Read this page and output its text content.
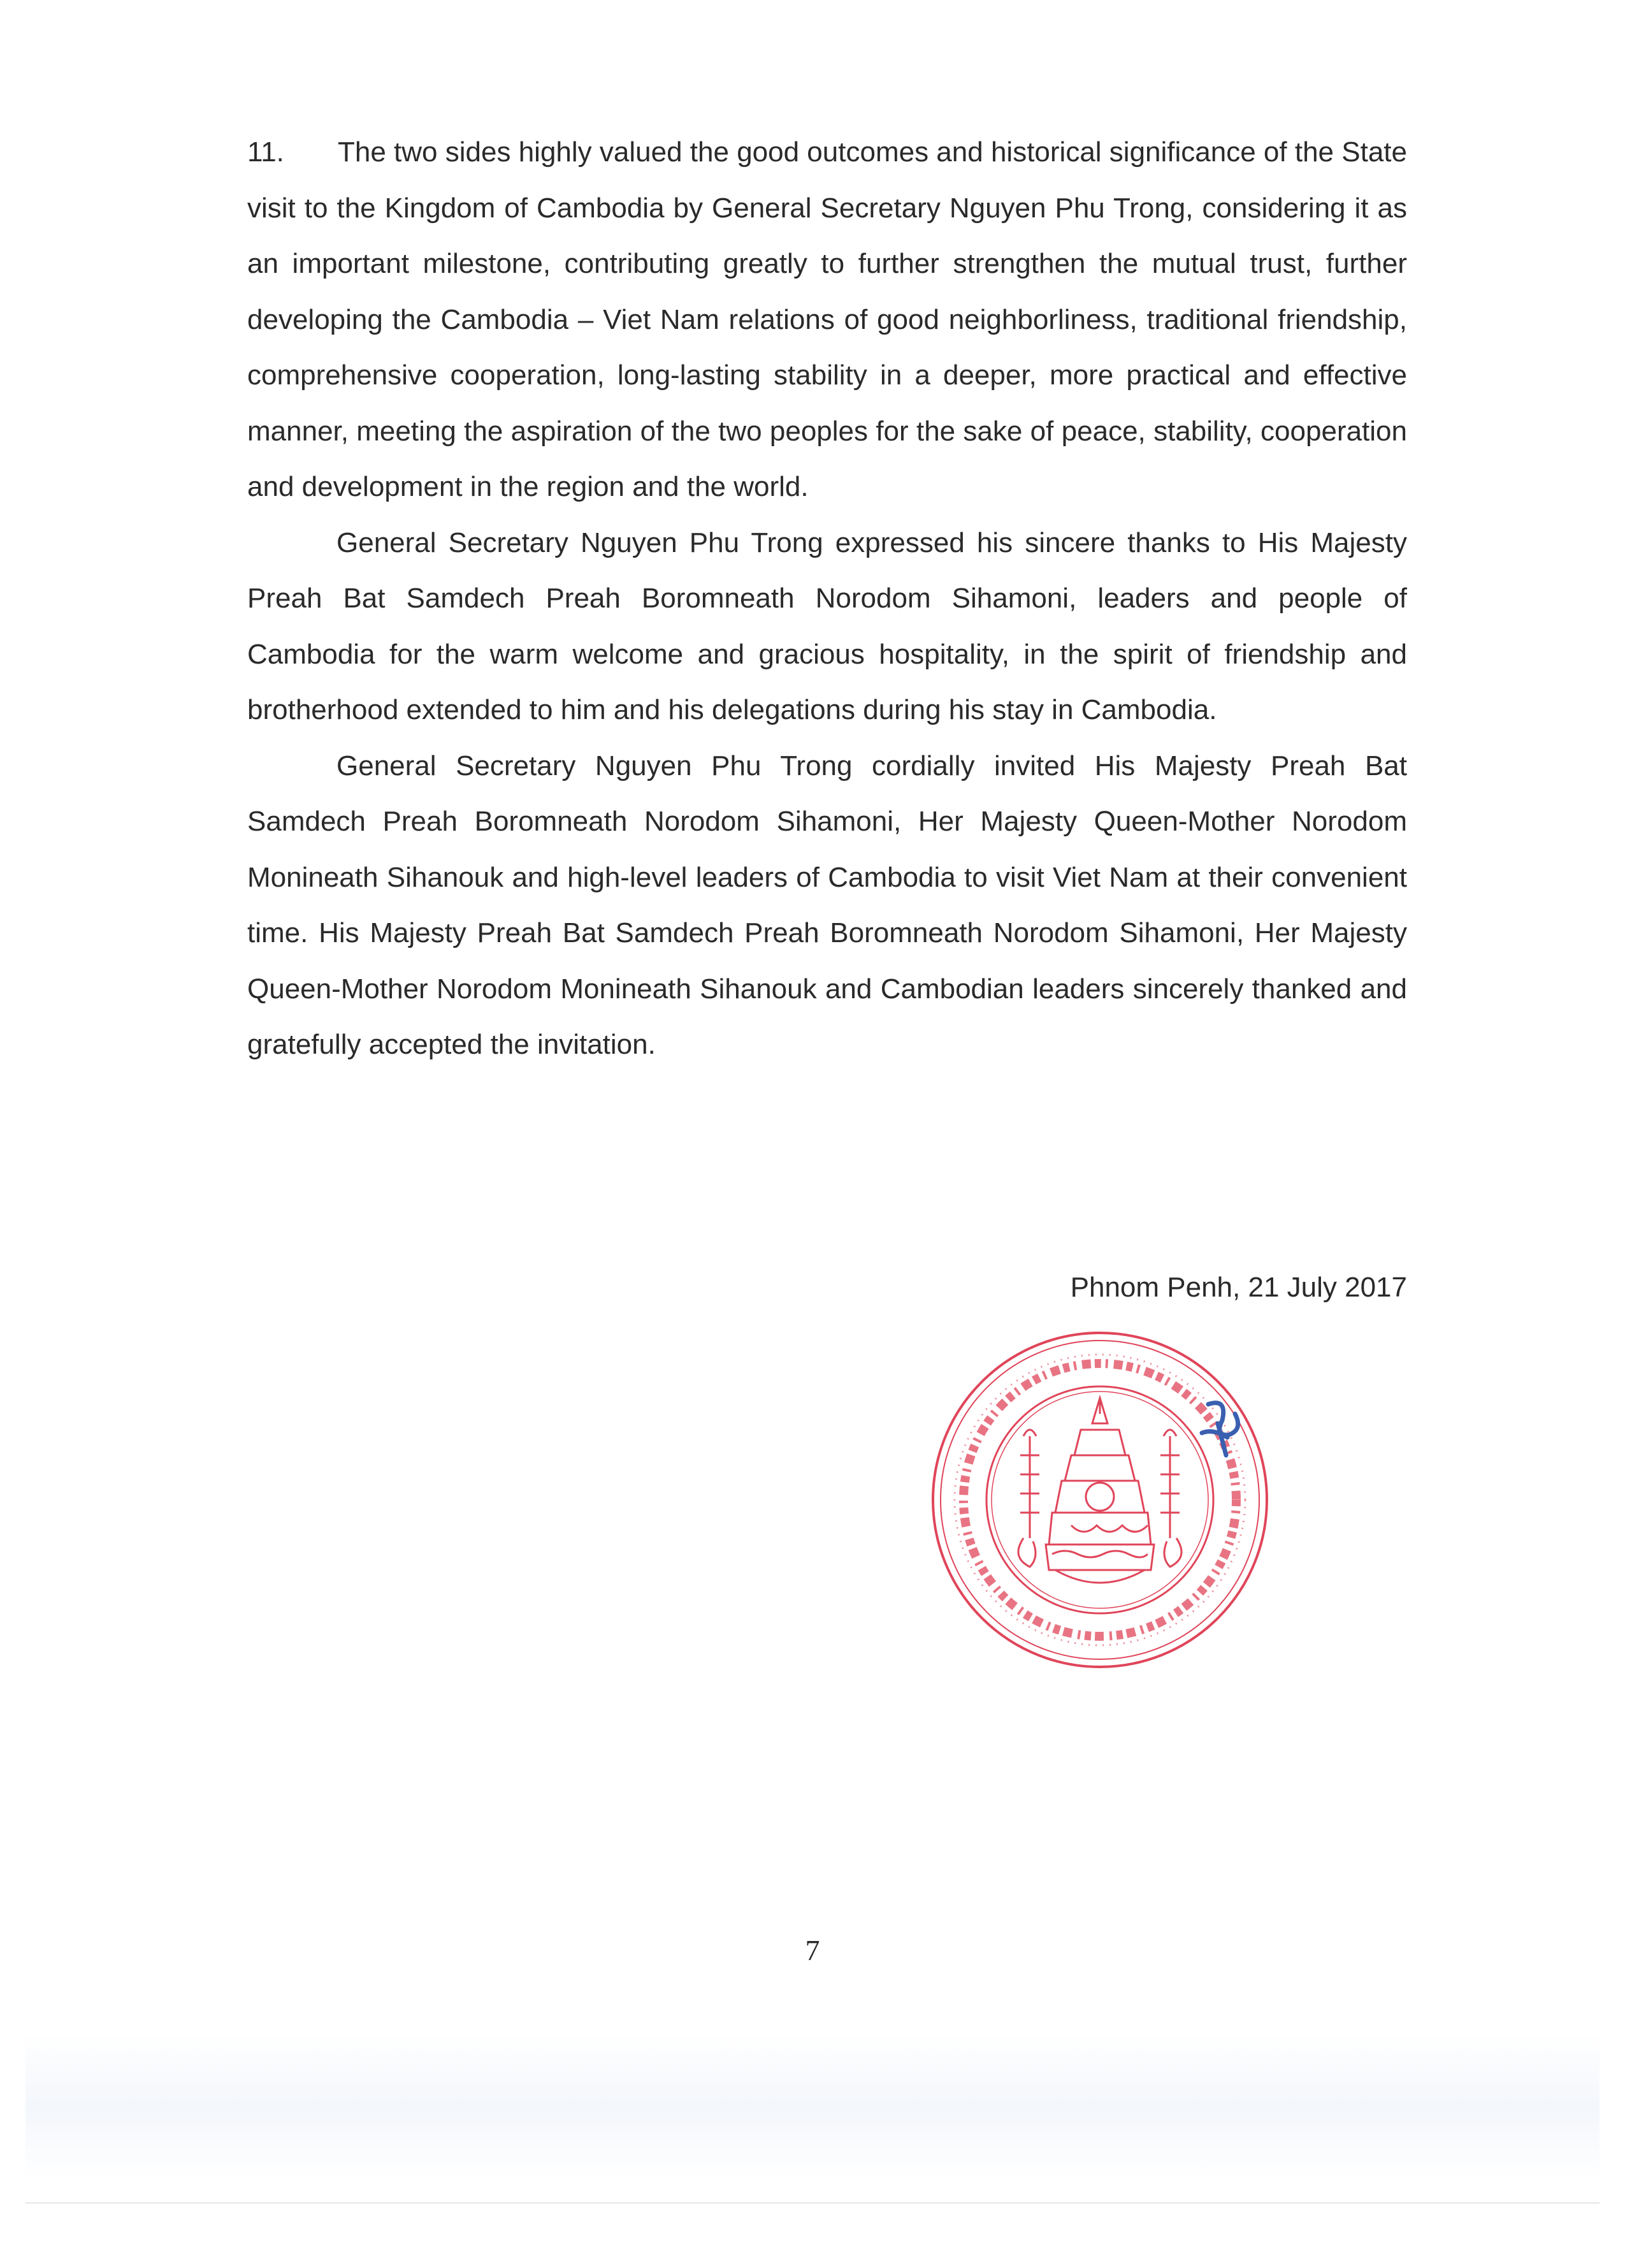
11. The two sides highly valued the good outcomes and historical significance of the State visit to the Kingdom of Cambodia by General Secretary Nguyen Phu Trong, considering it as an important milestone, contributing greatly to further strengthen the mutual trust, further developing the Cambodia – Viet Nam relations of good neighborliness, traditional friendship, comprehensive cooperation, long-lasting stability in a deeper, more practical and effective manner, meeting the aspiration of the two peoples for the sake of peace, stability, cooperation and development in the region and the world.

General Secretary Nguyen Phu Trong expressed his sincere thanks to His Majesty Preah Bat Samdech Preah Boromneath Norodom Sihamoni, leaders and people of Cambodia for the warm welcome and gracious hospitality, in the spirit of friendship and brotherhood extended to him and his delegations during his stay in Cambodia.

General Secretary Nguyen Phu Trong cordially invited His Majesty Preah Bat Samdech Preah Boromneath Norodom Sihamoni, Her Majesty Queen-Mother Norodom Monineath Sihanouk and high-level leaders of Cambodia to visit Viet Nam at their convenient time. His Majesty Preah Bat Samdech Preah Boromneath Norodom Sihamoni, Her Majesty Queen-Mother Norodom Monineath Sihanouk and Cambodian leaders sincerely thanked and gratefully accepted the invitation.

Phnom Penh, 21 July 2017
7
